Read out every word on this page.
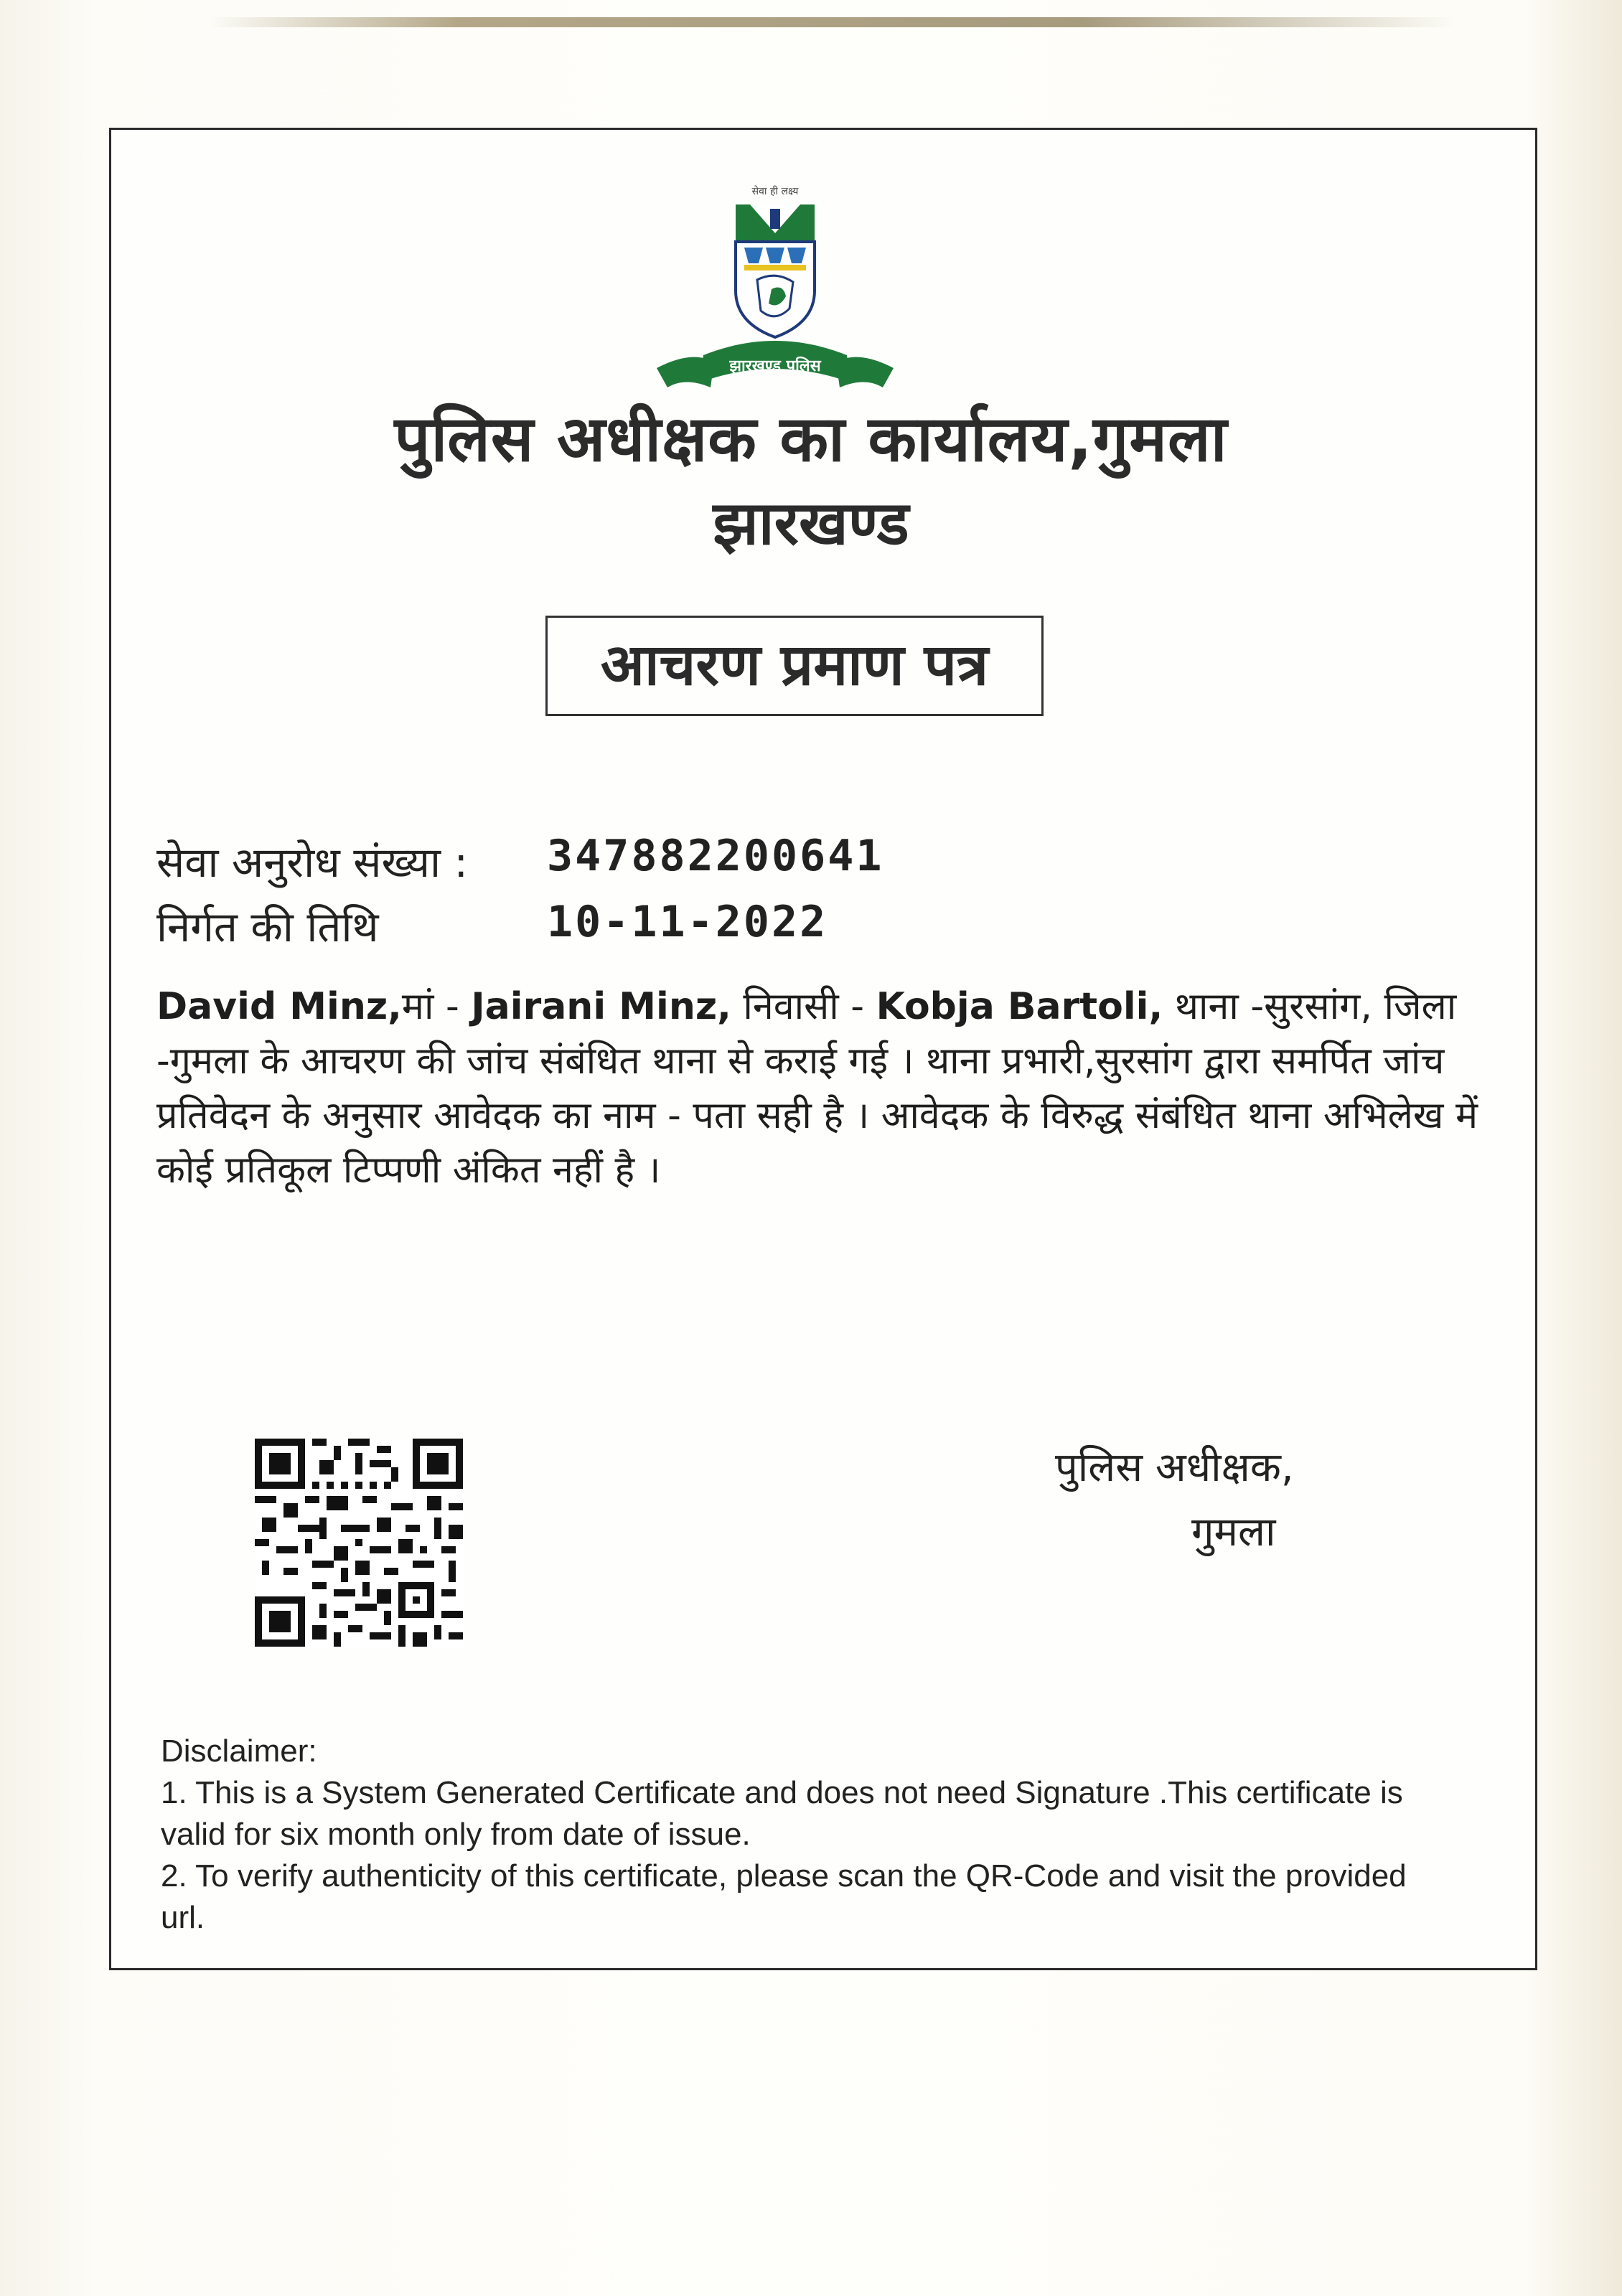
सेवा ही लक्ष्य
झारखण्ड पुलिस
पुलिस अधीक्षक का कार्यालय,गुमला
झारखण्ड
आचरण प्रमाण पत्र
सेवा अनुरोध संख्या : 347882200641
निर्गत की तिथि	10-11-2022
David Minz,मां - Jairani Minz, निवासी - Kobja Bartoli, थाना -सुरसांग, जिला -गुमला के आचरण की जांच संबंधित थाना से कराई गई । थाना प्रभारी,सुरसांग द्वारा समर्पित जांच प्रतिवेदन के अनुसार आवेदक का नाम - पता सही है । आवेदक के विरुद्ध संबंधित थाना अभिलेख में कोई प्रतिकूल टिप्पणी अंकित नहीं है ।
पुलिस अधीक्षक,
गुमला
Disclaimer:
1. This is a System Generated Certificate and does not need Signature .This certificate is valid for six month only from date of issue.
2. To verify authenticity of this certificate, please scan the QR-Code and visit the provided url.
